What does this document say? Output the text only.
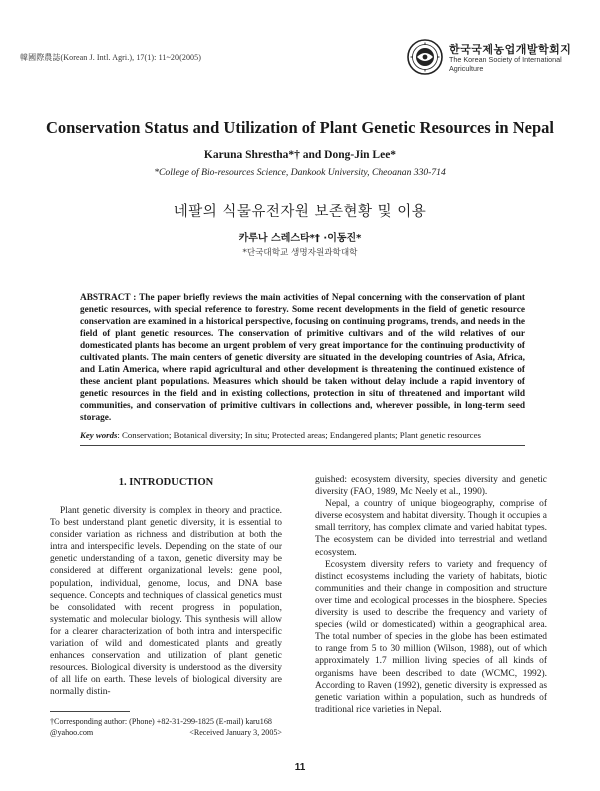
韓國際農誌(Korean J. Intl. Agri.), 17(1): 11~20(2005)
한국국제농업개발학회지
The Korean Society of International
Agriculture
Conservation Status and Utilization of Plant Genetic Resources in Nepal
Karuna Shrestha*† and Dong-Jin Lee*
*College of Bio-resources Science, Dankook University, Cheoanan 330-714
네팔의 식물유전자원 보존현황 및 이용
카루나 스레스타*† ·이동진*
*단국대학교 생명자원과학대학
ABSTRACT : The paper briefly reviews the main activities of Nepal concerning with the conservation of plant genetic resources, with special reference to forestry. Some recent developments in the field of genetic resource conservation are examined in a historical perspective, focusing on continuing programs, trends, and needs in the field of plant genetic resources. The conservation of primitive cultivars and of the wild relatives of our domesticated plants has become an urgent problem of very great importance for the continuing productivity of cultivated plants. The main centers of genetic diversity are situated in the developing countries of Asia, Africa, and Latin America, where rapid agricultural and other development is threatening the continued existence of these ancient plant populations. Measures which should be taken without delay include a rapid inventory of genetic resources in the field and in existing collections, protection in situ of threatened and important wild communities, and conservation of primitive cultivars in collections and, wherever possible, in long-term seed storage.
Key words: Conservation; Botanical diversity; In situ; Protected areas; Endangered plants; Plant genetic resources
1. INTRODUCTION

Plant genetic diversity is complex in theory and practice. To best understand plant genetic diversity, it is essential to consider variation as richness and distribution at both the intra and interspecific levels. Depending on the state of our genetic understanding of a taxon, genetic diversity may be considered at different organizational levels: gene pool, population, individual, genome, locus, and DNA base sequence. Concepts and techniques of classical genetics must be consolidated with recent progress in population, systematic and molecular biology. This synthesis will allow for a clearer characterization of both intra and interspecific variation of wild and domesticated plants and greatly enhances conservation and utilization of plant genetic resources. Biological diversity is understood as the diversity of all life on earth. These levels of biological diversity are normally distin-

guished: ecosystem diversity, species diversity and genetic diversity (FAO, 1989, Mc Neely et al., 1990).

Nepal, a country of unique biogeography, comprise of diverse ecosystem and habitat diversity. Though it occupies a small territory, has complex climate and varied habitat types. The ecosystem can be divided into terrestrial and wetland ecosystem.

Ecosystem diversity refers to variety and frequency of distinct ecosystems including the variety of habitats, biotic communities and their change in composition and structure over time and ecological processes in the biosphere. Species diversity is used to describe the frequency and variety of species (wild or domesticated) within a geographical area. The total number of species in the globe has been estimated to range from 5 to 30 million (Wilson, 1988), out of which approximately 1.7 million living species of all kinds of organisms have been described to date (WCMC, 1992). According to Raven (1992), genetic diversity is expressed as genetic variation within a population, such as hundreds of traditional rice varieties in Nepal.

†Corresponding author: (Phone) +82-31-299-1825 (E-mail) karu168
@yahoo.com	<Received January 3, 2005>
11
